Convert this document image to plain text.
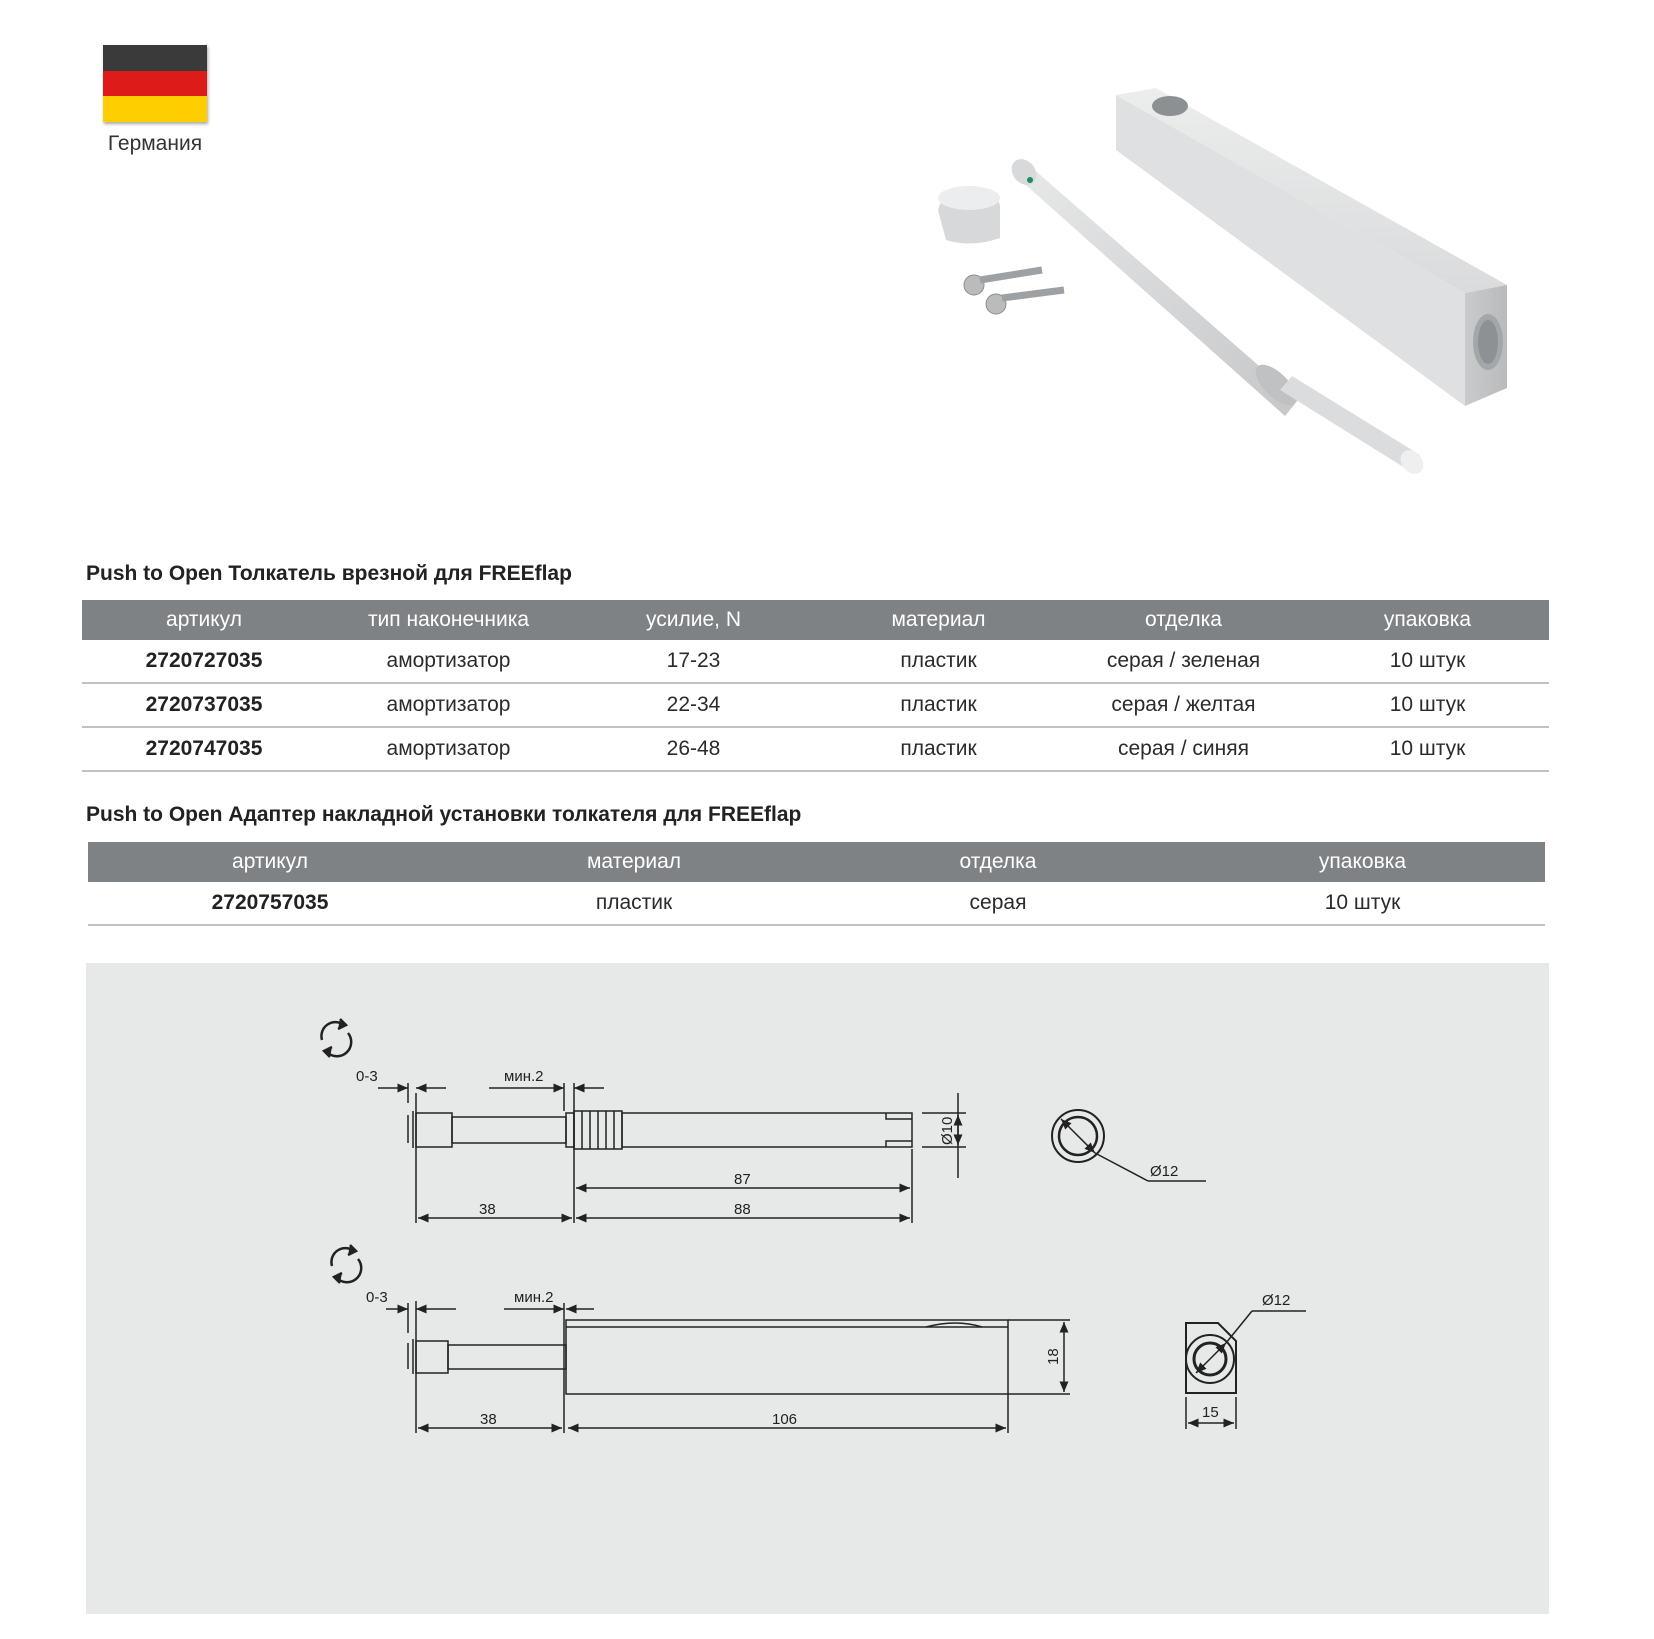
Германия
Push to Open Толкатель врезной для FREEflap
артикул	тип наконечника	усилие, N	материал	отделка	упаковка
2720727035	амортизатор	17-23	пластик	серая / зеленая	10 штук
2720737035	амортизатор	22-34	пластик	серая / желтая	10 штук
2720747035	амортизатор	26-48	пластик	серая / синяя	10 штук
Push to Open Адаптер накладной установки толкателя для FREEflap
артикул	материал	отделка	упаковка
2720757035	пластик	серая	10 штук
0-3	мин.2
87
38	88
Ø10
Ø12
0-3	мин.2
38	106
18
15
Ø12
